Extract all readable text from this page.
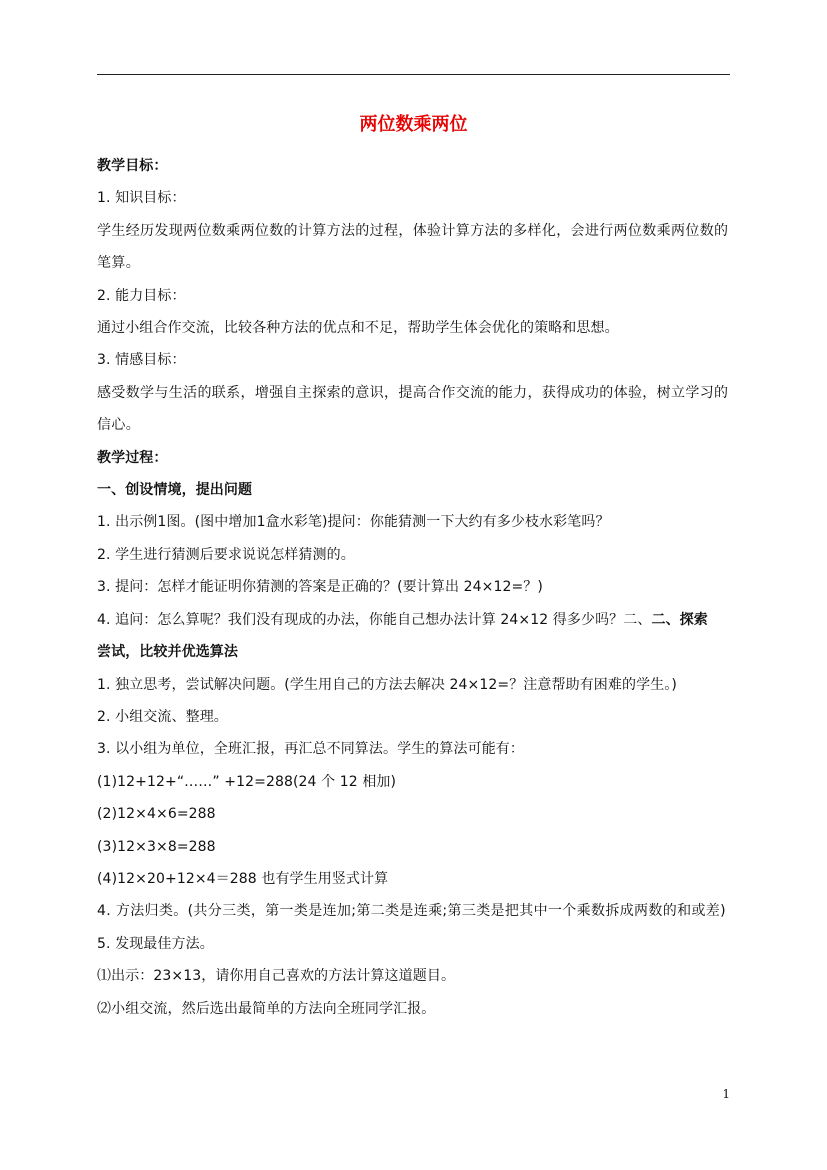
两位数乘两位
教学目标：
1. 知识目标：
学生经历发现两位数乘两位数的计算方法的过程，体验计算方法的多样化，会进行两位数乘两位数的笔算。
2. 能力目标：
通过小组合作交流，比较各种方法的优点和不足，帮助学生体会优化的策略和思想。
3. 情感目标：
感受数学与生活的联系，增强自主探索的意识，提高合作交流的能力，获得成功的体验，树立学习的信心。
教学过程：
一、创设情境，提出问题
1. 出示例1图。(图中增加1盒水彩笔)提问：你能猜测一下大约有多少枝水彩笔吗？
2. 学生进行猜测后要求说说怎样猜测的。
3. 提问：怎样才能证明你猜测的答案是正确的？(要计算出 24×12=？)
4. 追问：怎么算呢？我们没有现成的办法，你能自己想办法计算 24×12 得多少吗？二、二、探索
尝试，比较并优选算法
1. 独立思考，尝试解决问题。(学生用自己的方法去解决 24×12=？注意帮助有困难的学生。)
2. 小组交流、整理。
3. 以小组为单位，全班汇报，再汇总不同算法。学生的算法可能有：
(1)12+12+“……” +12=288(24 个 12 相加)
(2)12×4×6=288
(3)12×3×8=288
(4)12×20+12×4＝288 也有学生用竖式计算
4. 方法归类。(共分三类，第一类是连加;第二类是连乘;第三类是把其中一个乘数拆成两数的和或差)
5. 发现最佳方法。
⑴出示：23×13，请你用自己喜欢的方法计算这道题目。
⑵小组交流，然后选出最简单的方法向全班同学汇报。
1
